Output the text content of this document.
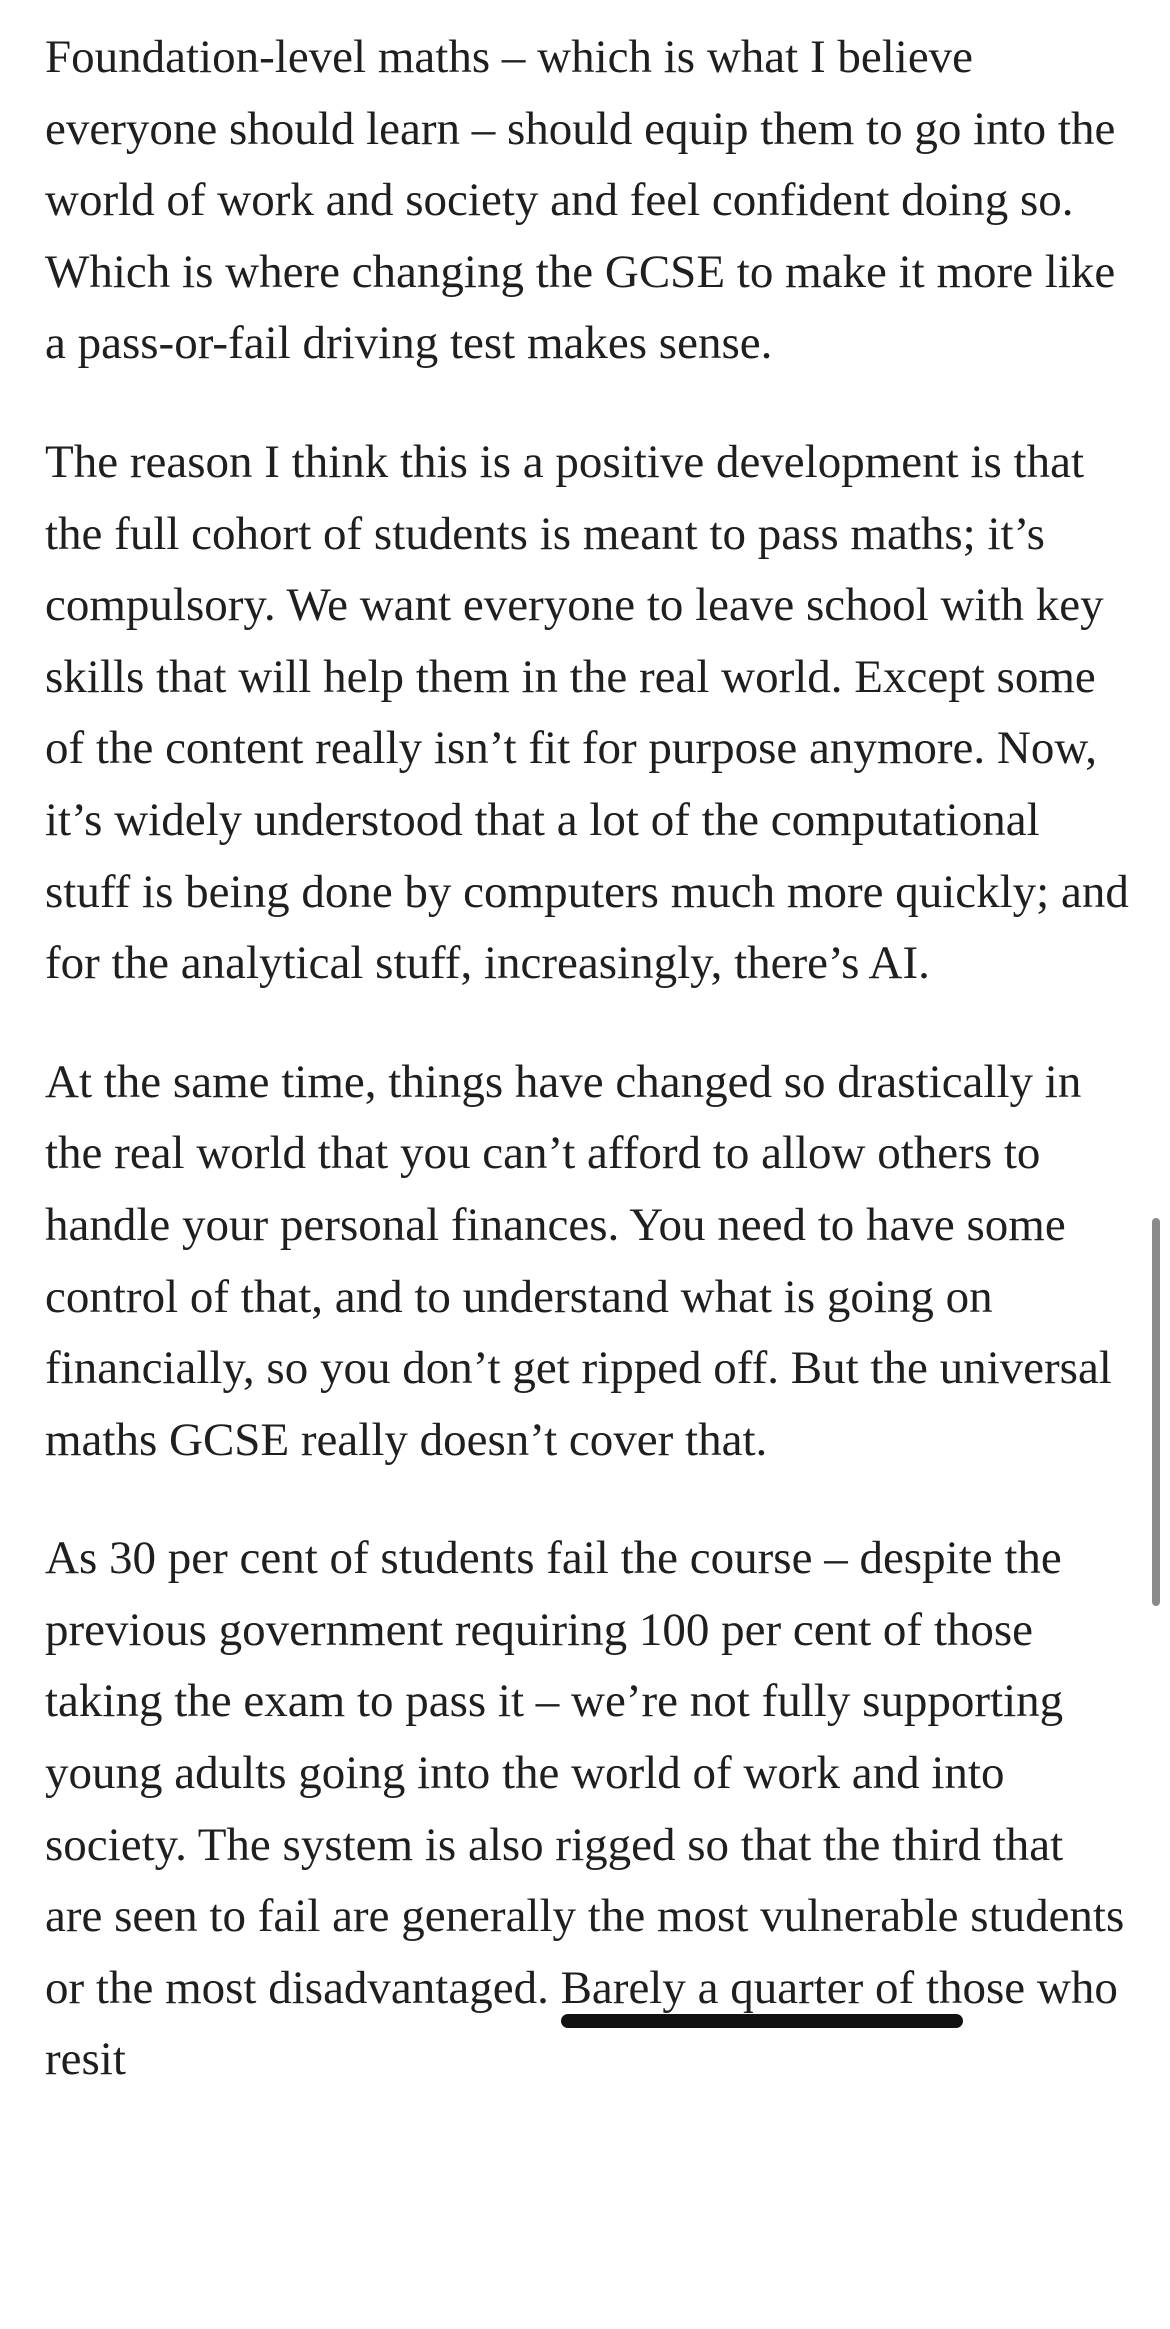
Foundation-level maths – which is what I believe everyone should learn – should equip them to go into the world of work and society and feel confident doing so. Which is where changing the GCSE to make it more like a pass-or-fail driving test makes sense.

The reason I think this is a positive development is that the full cohort of students is meant to pass maths; it’s compulsory. We want everyone to leave school with key skills that will help them in the real world. Except some of the content really isn’t fit for purpose anymore. Now, it’s widely understood that a lot of the computational stuff is being done by computers much more quickly; and for the analytical stuff, increasingly, there’s AI.

At the same time, things have changed so drastically in the real world that you can’t afford to allow others to handle your personal finances. You need to have some control of that, and to understand what is going on financially, so you don’t get ripped off. But the universal maths GCSE really doesn’t cover that.

As 30 per cent of students fail the course – despite the previous government requiring 100 per cent of those taking the exam to pass it – we’re not fully supporting young adults going into the world of work and into society. The system is also rigged so that the third that are seen to fail are generally the most vulnerable students or the most disadvantaged. Barely a quarter of th
ose who resit
